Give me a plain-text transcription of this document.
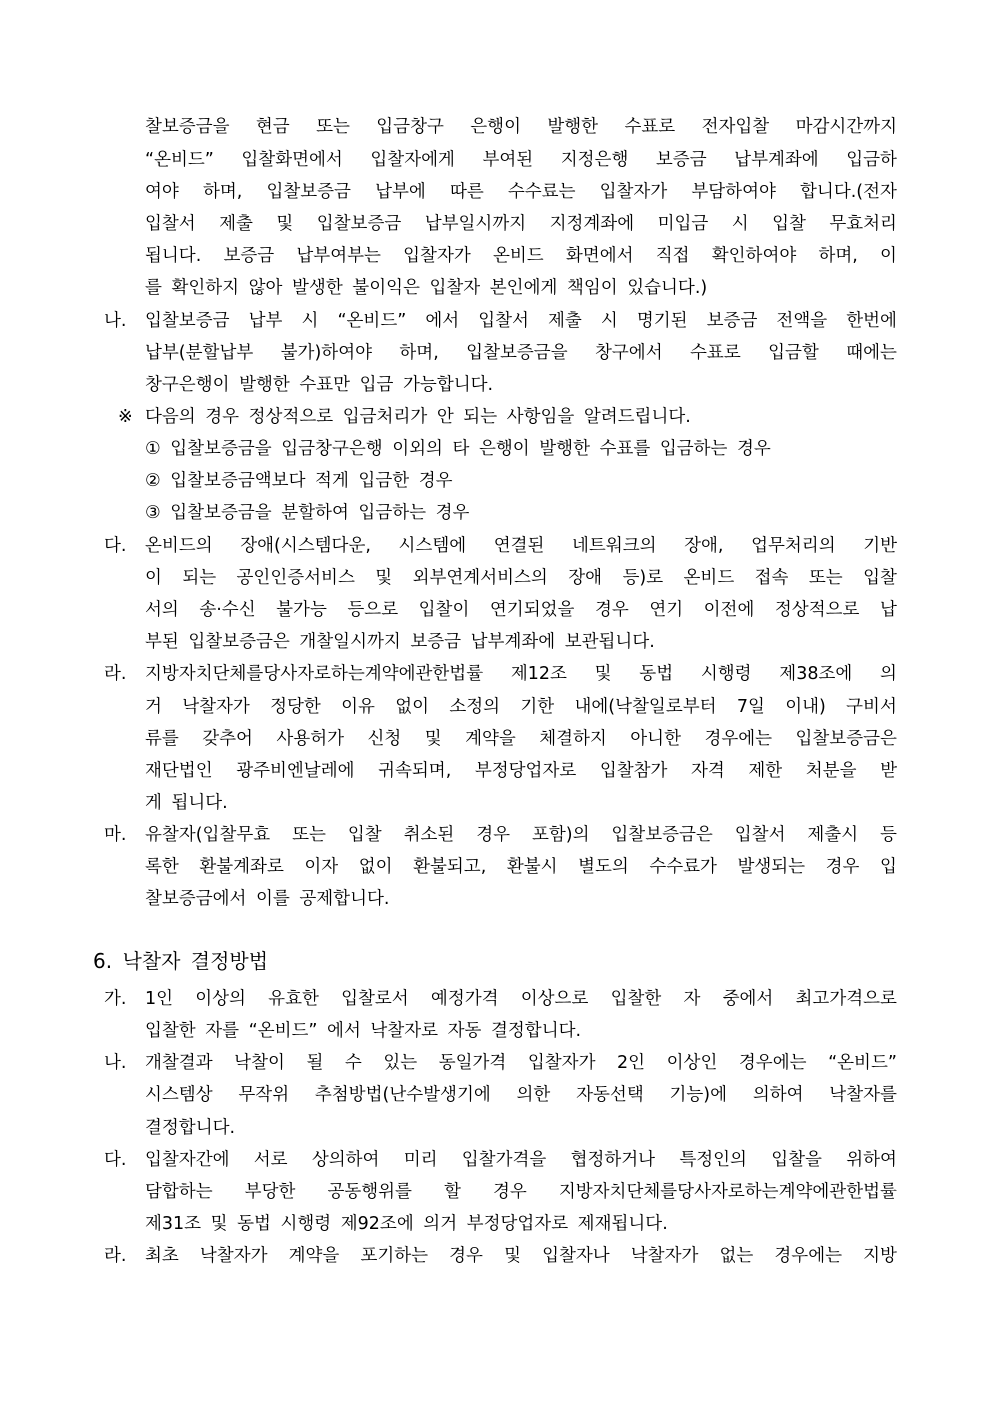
6. 낙찰자 결정방법
찰보증금을 현금 또는 입금창구 은행이 발행한 수표로 전자입찰 마감시간까지
“온비드” 입찰화면에서 입찰자에게 부여된 지정은행 보증금 납부계좌에 입금하
여야 하며, 입찰보증금 납부에 따른 수수료는 입찰자가 부담하여야 합니다.(전자
입찰서 제출 및 입찰보증금 납부일시까지 지정계좌에 미입금 시 입찰 무효처리
됩니다. 보증금 납부여부는 입찰자가 온비드 화면에서 직접 확인하여야 하며, 이
를 확인하지 않아 발생한 불이익은 입찰자 본인에게 책임이 있습니다.)
나. 입찰보증금 납부 시 “온비드” 에서 입찰서 제출 시 명기된 보증금 전액을 한번에
납부(분할납부 불가)하여야 하며, 입찰보증금을 창구에서 수표로 입금할 때에는
창구은행이 발행한 수표만 입금 가능합니다.
※ 다음의 경우 정상적으로 입금처리가 안 되는 사항임을 알려드립니다.
① 입찰보증금을 입금창구은행 이외의 타 은행이 발행한 수표를 입금하는 경우
② 입찰보증금액보다 적게 입금한 경우
③ 입찰보증금을 분할하여 입금하는 경우
다. 온비드의 장애(시스템다운, 시스템에 연결된 네트워크의 장애, 업무처리의 기반
이 되는 공인인증서비스 및 외부연계서비스의 장애 등)로 온비드 접속 또는 입찰
서의 송·수신 불가능 등으로 입찰이 연기되었을 경우 연기 이전에 정상적으로 납
부된 입찰보증금은 개찰일시까지 보증금 납부계좌에 보관됩니다.
라. 지방자치단체를당사자로하는계약에관한법률 제12조 및 동법 시행령 제38조에 의
거 낙찰자가 정당한 이유 없이 소정의 기한 내에(낙찰일로부터 7일 이내) 구비서
류를 갖추어 사용허가 신청 및 계약을 체결하지 아니한 경우에는 입찰보증금은
재단법인 광주비엔날레에 귀속되며, 부정당업자로 입찰참가 자격 제한 처분을 받
게 됩니다.
마. 유찰자(입찰무효 또는 입찰 취소된 경우 포함)의 입찰보증금은 입찰서 제출시 등
록한 환불계좌로 이자 없이 환불되고, 환불시 별도의 수수료가 발생되는 경우 입
찰보증금에서 이를 공제합니다.
가. 1인 이상의 유효한 입찰로서 예정가격 이상으로 입찰한 자 중에서 최고가격으로
입찰한 자를 “온비드” 에서 낙찰자로 자동 결정합니다.
나. 개찰결과 낙찰이 될 수 있는 동일가격 입찰자가 2인 이상인 경우에는 “온비드”
시스템상 무작위 추첨방법(난수발생기에 의한 자동선택 기능)에 의하여 낙찰자를
결정합니다.
다. 입찰자간에 서로 상의하여 미리 입찰가격을 협정하거나 특정인의 입찰을 위하여
담합하는 부당한 공동행위를 할 경우 지방자치단체를당사자로하는계약에관한법률
제31조 및 동법 시행령 제92조에 의거 부정당업자로 제재됩니다.
라. 최초 낙찰자가 계약을 포기하는 경우 및 입찰자나 낙찰자가 없는 경우에는 지방
